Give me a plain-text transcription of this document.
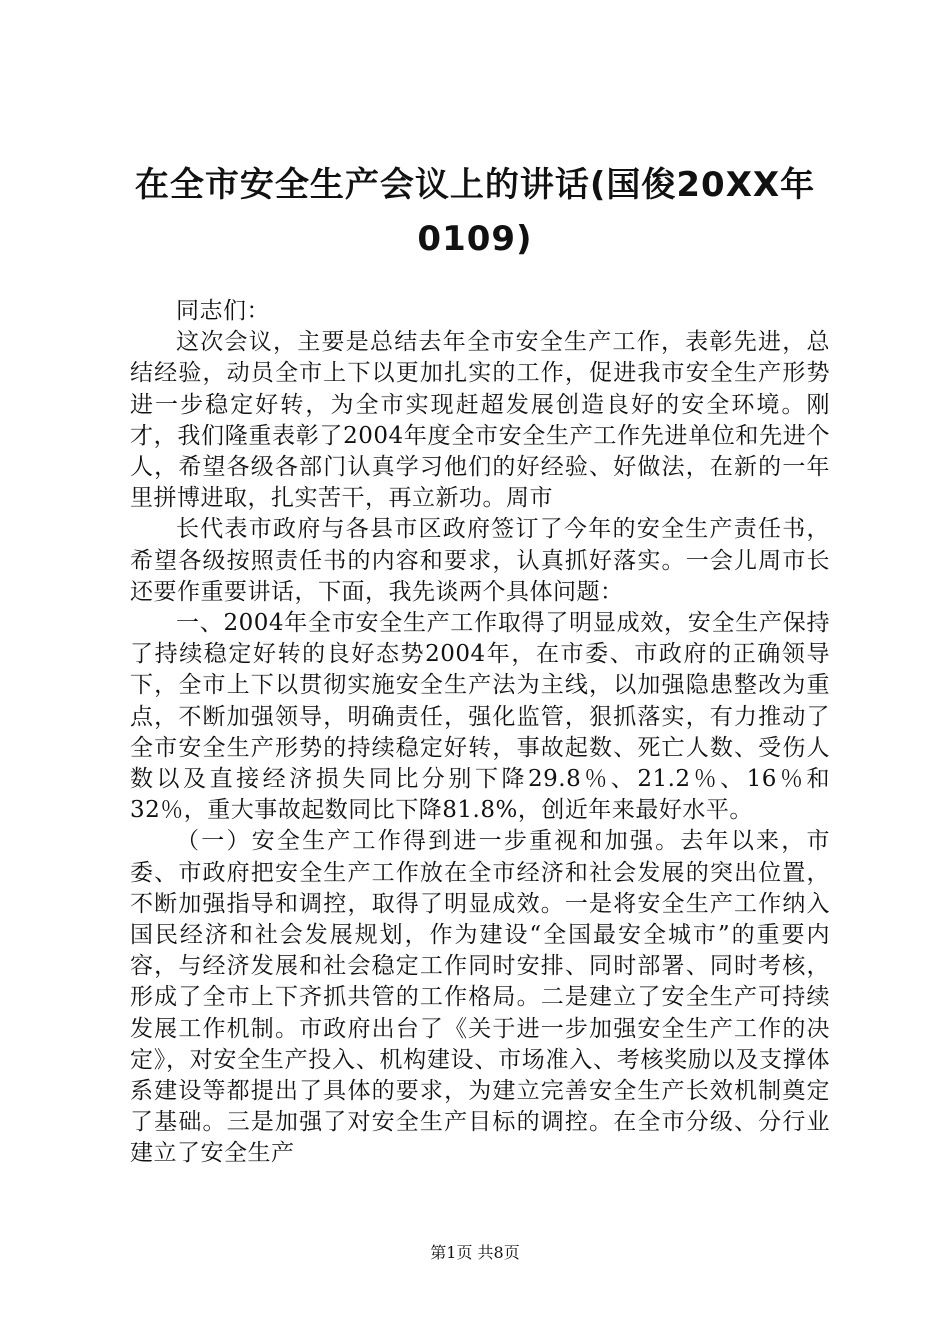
在全市安全生产会议上的讲话(国俊20XX年0109)

同志们：

这次会议，主要是总结去年全市安全生产工作，表彰先进，总结经验，动员全市上下以更加扎实的工作，促进我市安全生产形势进一步稳定好转，为全市实现赶超发展创造良好的安全环境。刚才，我们隆重表彰了2004年度全市安全生产工作先进单位和先进个人，希望各级各部门认真学习他们的好经验、好做法，在新的一年里拼博进取，扎实苦干，再立新功。周市

长代表市政府与各县市区政府签订了今年的安全生产责任书，希望各级按照责任书的内容和要求，认真抓好落实。一会儿周市长还要作重要讲话，下面，我先谈两个具体问题：

一、2004年全市安全生产工作取得了明显成效，安全生产保持了持续稳定好转的良好态势2004年，在市委、市政府的正确领导下，全市上下以贯彻实施安全生产法为主线，以加强隐患整改为重点，不断加强领导，明确责任，强化监管，狠抓落实，有力推动了全市安全生产形势的持续稳定好转，事故起数、死亡人数、受伤人数以及直接经济损失同比分别下降29.8％、21.2％、16％和32％，重大事故起数同比下降81.8%，创近年来最好水平。

（一）安全生产工作得到进一步重视和加强。去年以来，市委、市政府把安全生产工作放在全市经济和社会发展的突出位置，不断加强指导和调控，取得了明显成效。一是将安全生产工作纳入国民经济和社会发展规划，作为建设“全国最安全城市”的重要内容，与经济发展和社会稳定工作同时安排、同时部署、同时考核，形成了全市上下齐抓共管的工作格局。二是建立了安全生产可持续发展工作机制。市政府出台了《关于进一步加强安全生产工作的决定》，对安全生产投入、机构建设、市场准入、考核奖励以及支撑体系建设等都提出了具体的要求，为建立完善安全生产长效机制奠定了基础。三是加强了对安全生产目标的调控。在全市分级、分行业建立了安全生产

第1页 共8页
